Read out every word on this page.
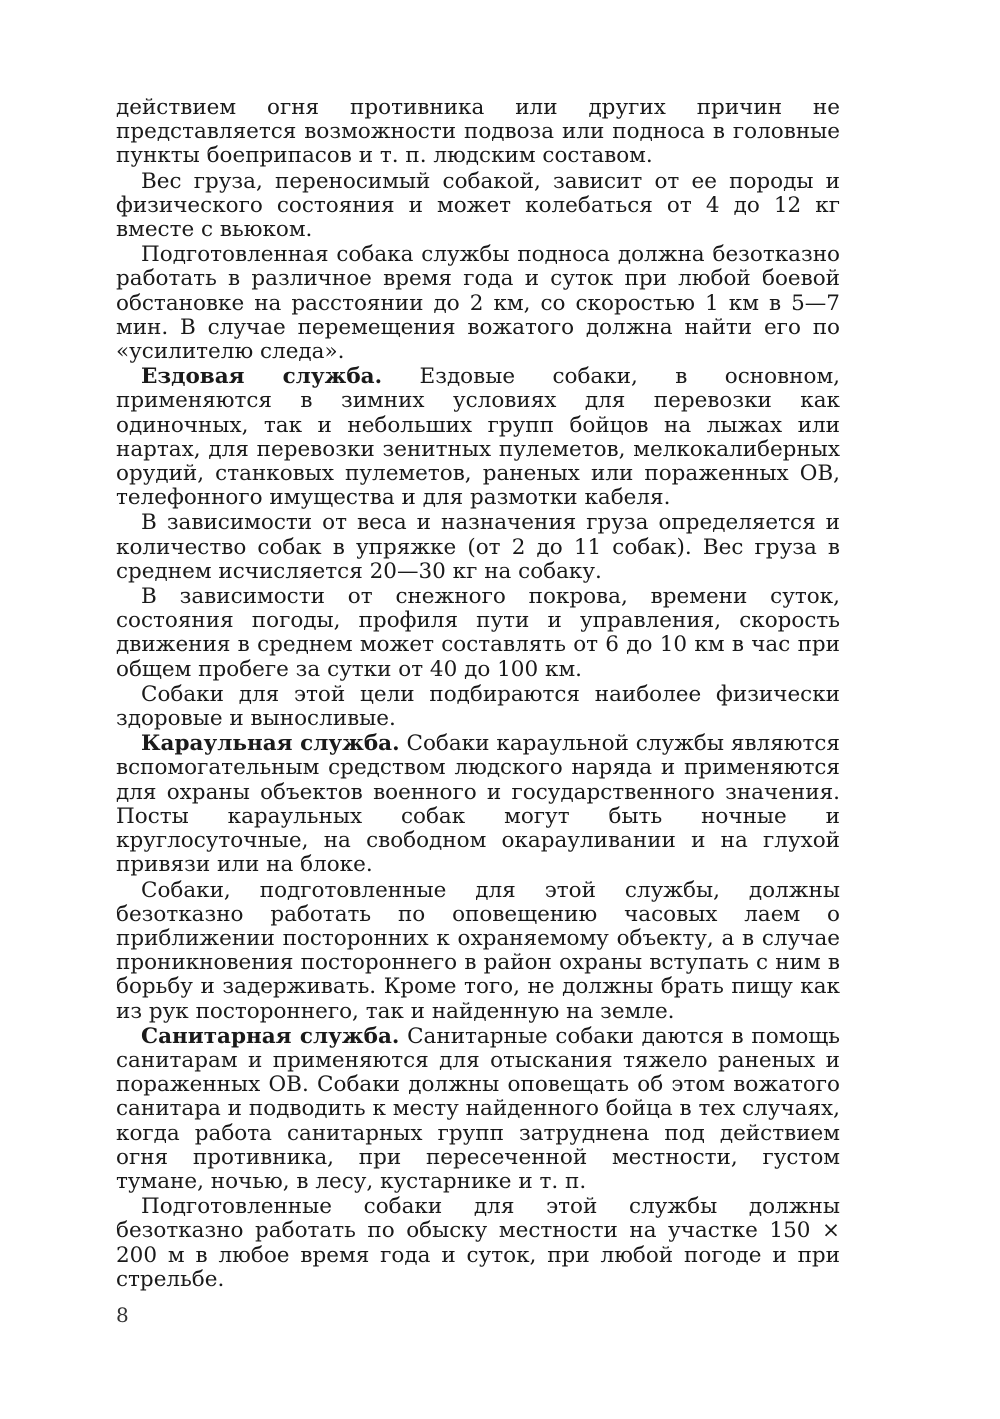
действием огня противника или других причин не представляется возможности подвоза или подноса в головные пункты боеприпасов и т. п. людским составом.

Вес груза, переносимый собакой, зависит от ее породы и физического состояния и может колебаться от 4 до 12 кг вместе с вьюком.

Подготовленная собака службы подноса должна безотказно работать в различное время года и суток при любой боевой обстановке на расстоянии до 2 км, со скоростью 1 км в 5—7 мин. В случае перемещения вожатого должна найти его по «усилителю следа».

Ездовая служба. Ездовые собаки, в основном, применяются в зимних условиях для перевозки как одиночных, так и небольших групп бойцов на лыжах или нартах, для перевозки зенитных пулеметов, мелкокалиберных орудий, станковых пулеметов, раненых или пораженных ОВ, телефонного имущества и для размотки кабеля.

В зависимости от веса и назначения груза определяется и количество собак в упряжке (от 2 до 11 собак). Вес груза в среднем исчисляется 20—30 кг на собаку.

В зависимости от снежного покрова, времени суток, состояния погоды, профиля пути и управления, скорость движения в среднем может составлять от 6 до 10 км в час при общем пробеге за сутки от 40 до 100 км.

Собаки для этой цели подбираются наиболее физически здоровые и выносливые.

Караульная служба. Собаки караульной службы являются вспомогательным средством людского наряда и применяются для охраны объектов военного и государственного значения. Посты караульных собак могут быть ночные и круглосуточные, на свободном окарауливании и на глухой привязи или на блоке.

Собаки, подготовленные для этой службы, должны безотказно работать по оповещению часовых лаем о приближении посторонних к охраняемому объекту, а в случае проникновения постороннего в район охраны вступать с ним в борьбу и задерживать. Кроме того, не должны брать пищу как из рук постороннего, так и найденную на земле.

Санитарная служба. Санитарные собаки даются в помощь санитарам и применяются для отыскания тяжело раненых и пораженных ОВ. Собаки должны оповещать об этом вожатого санитара и подводить к месту найденного бойца в тех случаях, когда работа санитарных групп затруднена под действием огня противника, при пересеченной местности, густом тумане, ночью, в лесу, кустарнике и т. п.

Подготовленные собаки для этой службы должны безотказно работать по обыску местности на участке 150 × 200 м в любое время года и суток, при любой погоде и при стрельбе.

8
